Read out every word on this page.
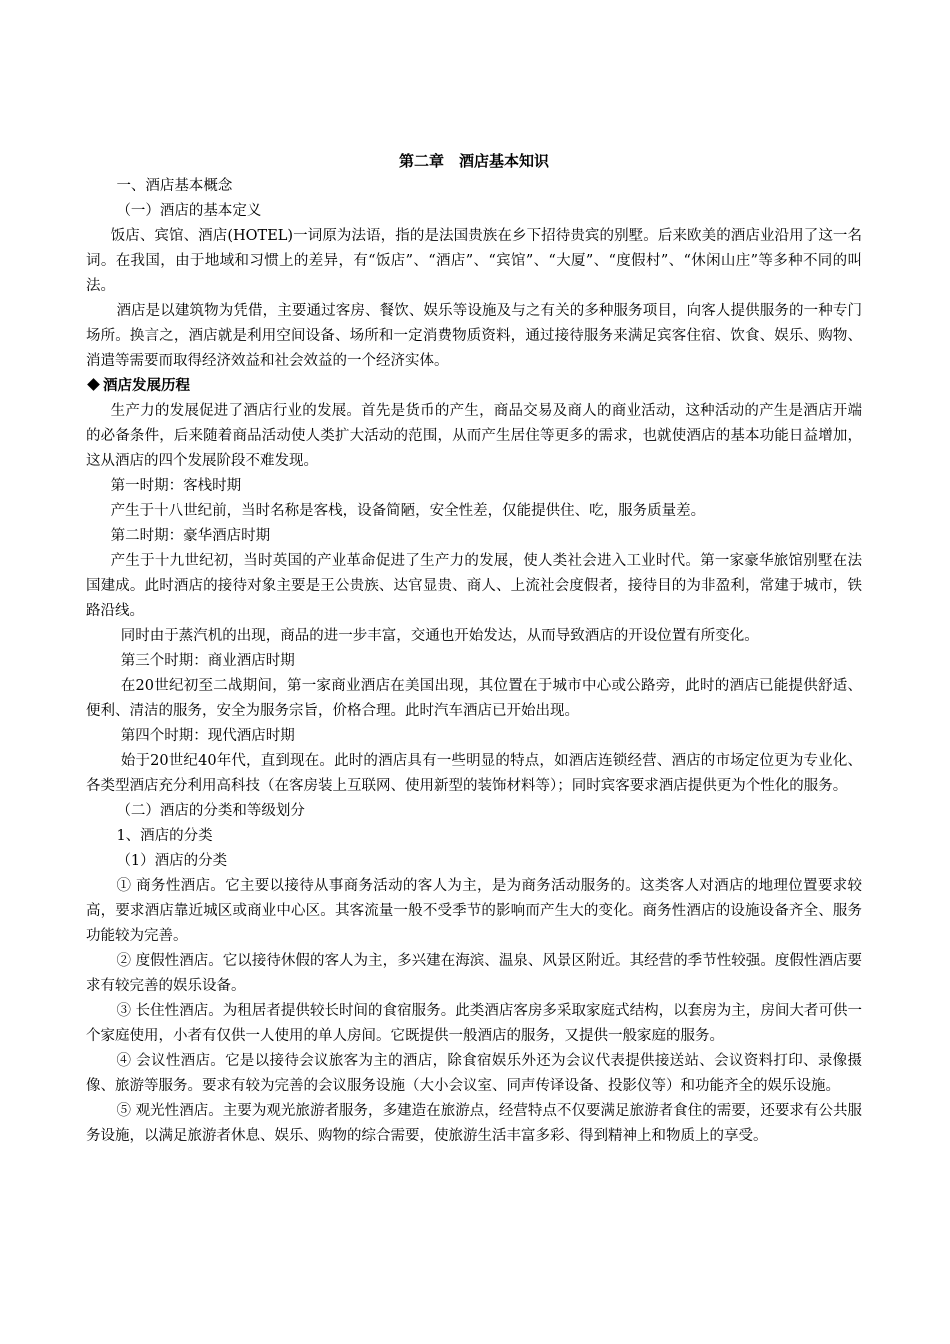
第二章　酒店基本知识

一、酒店基本概念

（一）酒店的基本定义

饭店、宾馆、酒店(HOTEL)一词原为法语，指的是法国贵族在乡下招待贵宾的别墅。后来欧美的酒店业沿用了这一名词。在我国，由于地域和习惯上的差异，有“饭店”、“酒店”、“宾馆”、“大厦”、“度假村”、“休闲山庄”等多种不同的叫法。

酒店是以建筑物为凭借，主要通过客房、餐饮、娱乐等设施及与之有关的多种服务项目，向客人提供服务的一种专门场所。换言之，酒店就是利用空间设备、场所和一定消费物质资料，通过接待服务来满足宾客住宿、饮食、娱乐、购物、消遣等需要而取得经济效益和社会效益的一个经济实体。

酒店发展历程

生产力的发展促进了酒店行业的发展。首先是货币的产生，商品交易及商人的商业活动，这种活动的产生是酒店开端的必备条件，后来随着商品活动使人类扩大活动的范围，从而产生居住等更多的需求，也就使酒店的基本功能日益增加，这从酒店的四个发展阶段不难发现。

第一时期：客栈时期

产生于十八世纪前，当时名称是客栈，设备简陋，安全性差，仅能提供住、吃，服务质量差。

第二时期：豪华酒店时期

产生于十九世纪初，当时英国的产业革命促进了生产力的发展，使人类社会进入工业时代。第一家豪华旅馆别墅在法国建成。此时酒店的接待对象主要是王公贵族、达官显贵、商人、上流社会度假者，接待目的为非盈利，常建于城市，铁路沿线。

同时由于蒸汽机的出现，商品的进一步丰富，交通也开始发达，从而导致酒店的开设位置有所变化。

第三个时期：商业酒店时期

在20世纪初至二战期间，第一家商业酒店在美国出现，其位置在于城市中心或公路旁，此时的酒店已能提供舒适、便利、清洁的服务，安全为服务宗旨，价格合理。此时汽车酒店已开始出现。

第四个时期：现代酒店时期

始于20世纪40年代，直到现在。此时的酒店具有一些明显的特点，如酒店连锁经营、酒店的市场定位更为专业化、各类型酒店充分利用高科技（在客房装上互联网、使用新型的装饰材料等）；同时宾客要求酒店提供更为个性化的服务。

（二）酒店的分类和等级划分

1、酒店的分类

（1）酒店的分类

① 商务性酒店。它主要以接待从事商务活动的客人为主，是为商务活动服务的。这类客人对酒店的地理位置要求较高，要求酒店靠近城区或商业中心区。其客流量一般不受季节的影响而产生大的变化。商务性酒店的设施设备齐全、服务功能较为完善。

② 度假性酒店。它以接待休假的客人为主，多兴建在海滨、温泉、风景区附近。其经营的季节性较强。度假性酒店要求有较完善的娱乐设备。

③ 长住性酒店。为租居者提供较长时间的食宿服务。此类酒店客房多采取家庭式结构，以套房为主，房间大者可供一个家庭使用，小者有仅供一人使用的单人房间。它既提供一般酒店的服务，又提供一般家庭的服务。

④ 会议性酒店。它是以接待会议旅客为主的酒店，除食宿娱乐外还为会议代表提供接送站、会议资料打印、录像摄像、旅游等服务。要求有较为完善的会议服务设施（大小会议室、同声传译设备、投影仪等）和功能齐全的娱乐设施。

⑤ 观光性酒店。主要为观光旅游者服务，多建造在旅游点，经营特点不仅要满足旅游者食住的需要，还要求有公共服务设施，以满足旅游者休息、娱乐、购物的综合需要，使旅游生活丰富多彩、得到精神上和物质上的享受。
